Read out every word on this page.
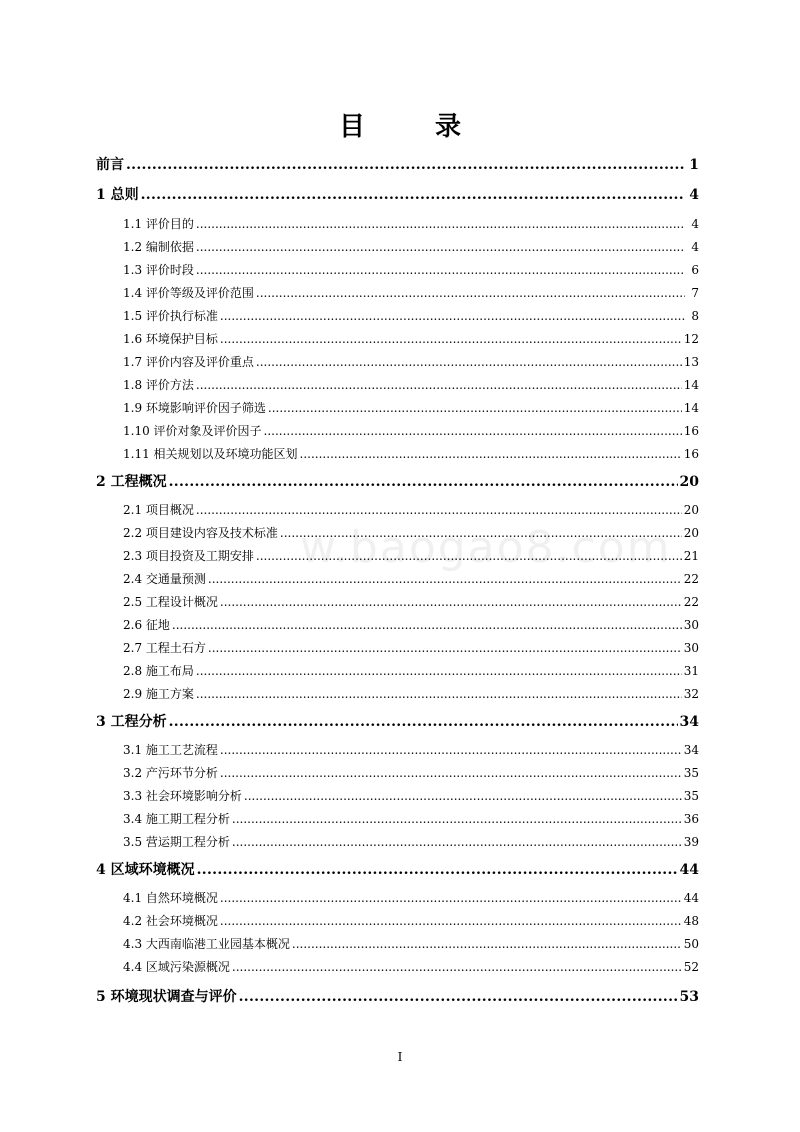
目　录
w.baogao8.com
前言 .....	1
1 总则 .....	4
1.1 评价目的 .....	4
1.2 编制依据 .....	4
1.3 评价时段 .....	6
1.4 评价等级及评价范围 .....	7
1.5 评价执行标准 .....	8
1.6 环境保护目标 .....	12
1.7 评价内容及评价重点 .....	13
1.8 评价方法 .....	14
1.9 环境影响评价因子筛选 .....	14
1.10 评价对象及评价因子 .....	16
1.11 相关规划以及环境功能区划 .....	16
2 工程概况 .....	20
2.1 项目概况 .....	20
2.2 项目建设内容及技术标准 .....	20
2.3 项目投资及工期安排 .....	21
2.4 交通量预测 .....	22
2.5 工程设计概况 .....	22
2.6 征地 .....	30
2.7 工程土石方 .....	30
2.8 施工布局 .....	31
2.9 施工方案 .....	32
3 工程分析 .....	34
3.1 施工工艺流程 .....	34
3.2 产污环节分析 .....	35
3.3 社会环境影响分析 .....	35
3.4 施工期工程分析 .....	36
3.5 营运期工程分析 .....	39
4 区域环境概况 .....	44
4.1 自然环境概况 .....	44
4.2 社会环境概况 .....	48
4.3 大西南临港工业园基本概况 .....	50
4.4 区域污染源概况 .....	52
5 环境现状调查与评价 .....	53
I
